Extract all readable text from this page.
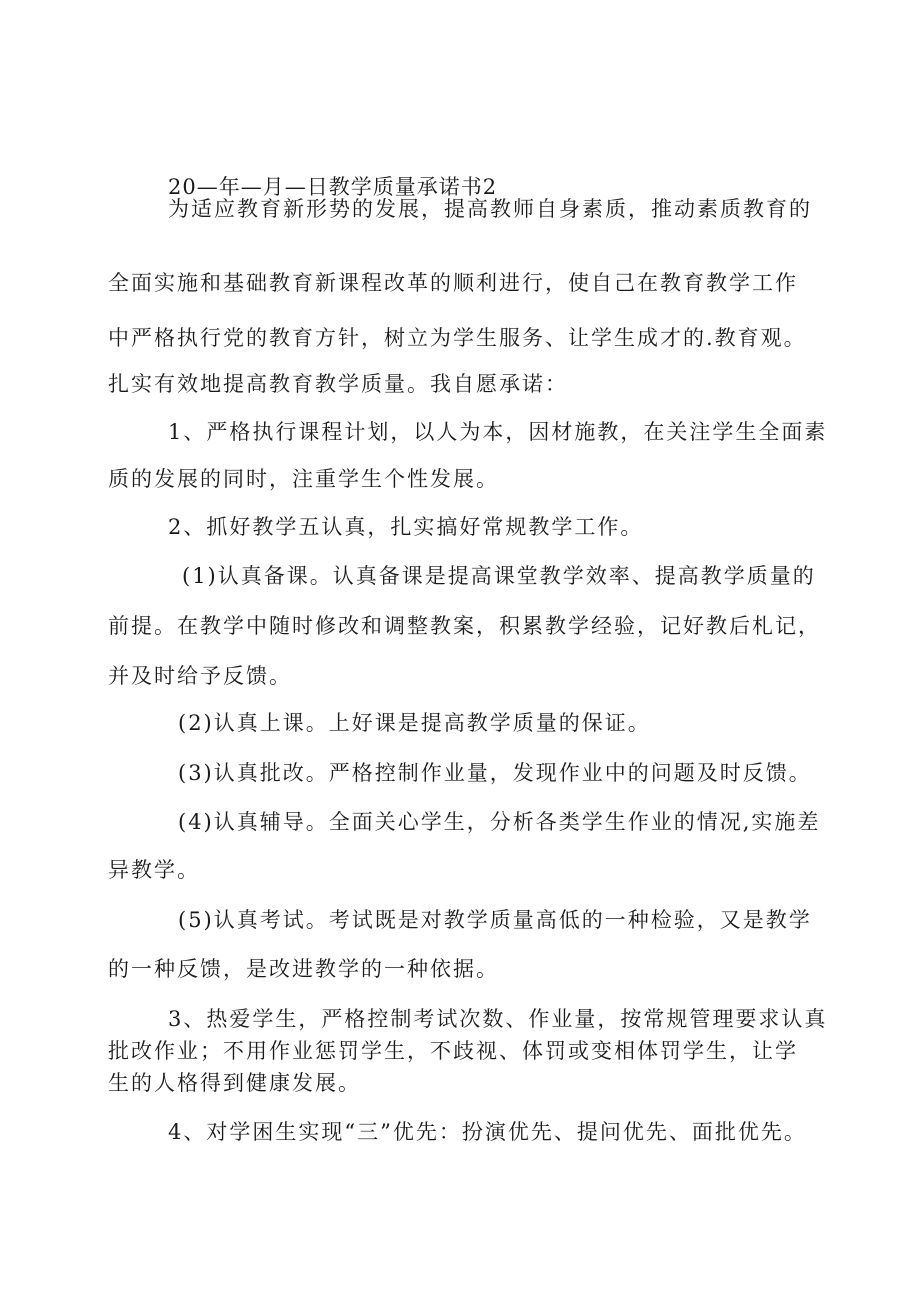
20—年—月—日教学质量承诺书2
为适应教育新形势的发展，提高教师自身素质，推动素质教育的
全面实施和基础教育新课程改革的顺利进行，使自己在教育教学工作
中严格执行党的教育方针，树立为学生服务、让学生成才的.教育观。
扎实有效地提高教育教学质量。我自愿承诺：
1、严格执行课程计划，以人为本，因材施教，在关注学生全面素
质的发展的同时，注重学生个性发展。
2、抓好教学五认真，扎实搞好常规教学工作。
(1)认真备课。认真备课是提高课堂教学效率、提高教学质量的
前提。在教学中随时修改和调整教案，积累教学经验，记好教后札记，
并及时给予反馈。
(2)认真上课。上好课是提高教学质量的保证。
(3)认真批改。严格控制作业量，发现作业中的问题及时反馈。
(4)认真辅导。全面关心学生，分析各类学生作业的情况,实施差
异教学。
(5)认真考试。考试既是对教学质量高低的一种检验，又是教学
的一种反馈，是改进教学的一种依据。
3、热爱学生，严格控制考试次数、作业量，按常规管理要求认真
批改作业；不用作业惩罚学生，不歧视、体罚或变相体罚学生，让学
生的人格得到健康发展。
4、对学困生实现“三”优先：扮演优先、提问优先、面批优先。
